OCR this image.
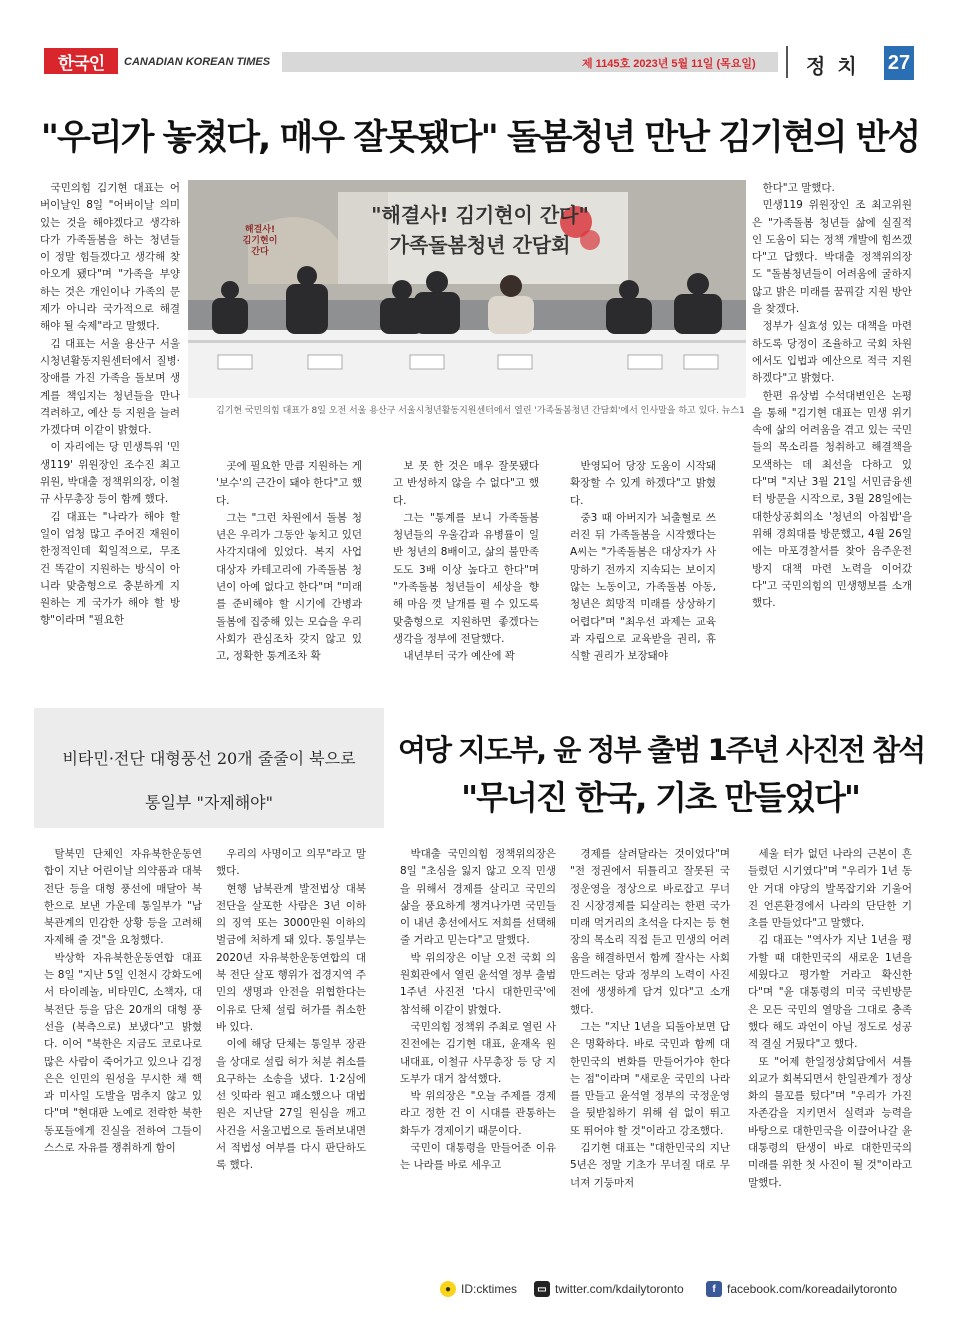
한국인	CANADIAN KOREAN TIMES	제 1145호 2023년 5월 11일 (목요일)	정치 27
"우리가 놓쳤다, 매우 잘못됐다" 돌봄청년 만난 김기현의 반성

국민의힘 김기현 대표는 어버이날인 8일 "어버이날 의미 있는 것을 해야겠다고 생각하다가 가족돌봄을 하는 청년들이 정말 힘들겠다고 생각해 찾아오게 됐다"며 "가족을 부양하는 것은 개인이나 가족의 문제가 아니라 국가적으로 해결해야 될 숙제"라고 말했다.

김 대표는 서울 용산구 서울시청년활동지원센터에서 질병·장애를 가진 가족을 돌보며 생계를 책임지는 청년들을 만나 격려하고, 예산 등 지원을 늘려가겠다며 이같이 밝혔다.

이 자리에는 당 민생특위 '민생119' 위원장인 조수진 최고위원, 박대출 정책위의장, 이철규 사무총장 등이 함께 했다.

김 대표는 "나라가 해야 할 일이 엄청 많고 주어진 재원이 한정적인데 획일적으로, 무조건 똑같이 지원하는 방식이 아니라 맞춤형으로 충분하게 지원하는 게 국가가 해야 할 방향"이라며 "필요한

"해결사! 김기현이 간다"
가족돌봄청년 간담회
해결사! 김기현이 간다
김기현 국민의힘 대표가 8일 오전 서울 용산구 서울시청년활동지원센터에서 열린 '가족돌봄청년 간담회'에서 인사말을 하고 있다. 뉴스1

곳에 필요한 만큼 지원하는 게 '보수'의 근간이 돼야 한다"고 했다.

그는 "그런 차원에서 돌봄 청년은 우리가 그동안 놓치고 있던 사각지대에 있었다. 복지 사업 대상자 카테고리에 가족돌봄 청년이 아예 없다고 한다"며 "미래를 준비해야 할 시기에 간병과 돌봄에 집중해 있는 모습을 우리 사회가 관심조차 갖지 않고 있고, 정확한 통계조차 확

보 못 한 것은 매우 잘못됐다고 반성하지 않을 수 없다"고 했다.

그는 "통계를 보니 가족돌봄 청년들의 우울감과 유병률이 일반 청년의 8배이고, 삶의 불만족도도 3배 이상 높다고 한다"며 "가족돌봄 청년들이 세상을 향해 마음 껏 날개를 펼 수 있도록 맞춤형으로 지원하면 좋겠다는 생각을 정부에 전달했다.

내년부터 국가 예산에 꽉

반영되어 당장 도움이 시작돼 확장할 수 있게 하겠다"고 밝혔다.

중3 때 아버지가 뇌출혈로 쓰러진 뒤 가족돌봄을 시작했다는 A씨는 "가족돌봄은 대상자가 사망하기 전까지 지속되는 보이지 않는 노동이고, 가족돌봄 아동, 청년은 희망적 미래를 상상하기 어렵다"며 "최우선 과제는 교육과 자립으로 교육받을 권리, 휴식할 권리가 보장돼야

한다"고 말했다.

민생119 위원장인 조 최고위원은 "가족돌봄 청년들 삶에 실질적인 도움이 되는 정책 개발에 힘쓰겠다"고 답했다. 박대출 정책위의장도 "돌봄청년들이 어려움에 굴하지 않고 밝은 미래를 꿈꿔갈 지원 방안을 찾겠다.

정부가 실효성 있는 대책을 마련하도록 당정이 조율하고 국회 차원에서도 입법과 예산으로 적극 지원하겠다"고 밝혔다.

한편 유상범 수석대변인은 논평을 통해 "김기현 대표는 민생 위기 속에 삶의 어려움을 겪고 있는 국민들의 목소리를 청취하고 해결책을 모색하는 데 최선을 다하고 있다"며 "지난 3월 21일 서민금융센터 방문을 시작으로, 3월 28일에는 대한상공회의소 '청년의 아침밥'을 위해 경희대를 방문했고, 4월 26일에는 마포경찰서를 찾아 음주운전 방지 대책 마련 노력을 이어갔다"고 국민의힘의 민생행보를 소개했다.

비타민·전단 대형풍선 20개 줄줄이 북으로
통일부 "자제해야"

탈북민 단체인 자유북한운동연합이 지난 어린이날 의약품과 대북전단 등을 대형 풍선에 매달아 북한으로 보낸 가운데 통일부가 "남북관계의 민감한 상황 등을 고려해 자제해 줄 것"을 요청했다.

박상학 자유북한운동연합 대표는 8일 "지난 5일 인천시 강화도에서 타이레놀, 비타민C, 소책자, 대북전단 등을 담은 20개의 대형 풍선을 (북측으로) 보냈다"고 밝혔다. 이어 "북한은 지금도 코로나로 많은 사람이 죽어가고 있으나 김정은은 인민의 원성을 무시한 채 핵과 미사일 도발을 멈추지 않고 있다"며 "현대판 노예로 전락한 북한 동포들에게 진실을 전하여 그들이 스스로 자유를 쟁취하게 함이

우리의 사명이고 의무"라고 말했다.

현행 남북관계 발전법상 대북 전단을 살포한 사람은 3년 이하의 징역 또는 3000만원 이하의 벌금에 처하게 돼 있다. 통일부는 2020년 자유북한운동연합의 대북 전단 살포 행위가 접경지역 주민의 생명과 안전을 위협한다는 이유로 단체 설립 허가를 취소한 바 있다.

이에 해당 단체는 통일부 장관을 상대로 설립 허가 처분 취소를 요구하는 소송을 냈다. 1·2심에선 잇따라 원고 패소했으나 대법원은 지난달 27일 원심을 깨고 사건을 서울고법으로 돌려보내면서 적법성 여부를 다시 판단하도록 했다.

여당 지도부, 윤 정부 출범 1주년 사진전 참석
"무너진 한국, 기초 만들었다"

박대출 국민의힘 정책위의장은 8일 "초심을 잃지 않고 오직 민생을 위해서 경제를 살리고 국민의 삶을 풍요하게 챙겨나가면 국민들이 내년 총선에서도 저희를 선택해줄 거라고 믿는다"고 말했다.

박 위의장은 이날 오전 국회 의원회관에서 열린 윤석열 정부 출범 1주년 사진전 '다시 대한민국'에 참석해 이같이 밝혔다.

국민의힘 정책위 주최로 열린 사진전에는 김기현 대표, 윤재옥 원내대표, 이철규 사무총장 등 당 지도부가 대거 참석했다.

박 위의장은 "오늘 주제를 경제라고 정한 건 이 시대를 관통하는 화두가 경제이기 때문이다.

국민이 대통령을 만들어준 이유는 나라를 바로 세우고

경제를 살려달라는 것이었다"며 "전 정권에서 뒤틀리고 잘못된 국정운영을 정상으로 바로잡고 무너진 시장경제를 되살리는 한편 국가 미래 먹거리의 초석을 다지는 등 현장의 목소리 직접 듣고 민생의 어려움을 해결하면서 함께 잘사는 사회 만드려는 당과 정부의 노력이 사진전에 생생하게 담겨 있다"고 소개했다.

그는 "지난 1년을 되돌아보면 답은 명확하다. 바로 국민과 함께 대한민국의 변화를 만들어가야 한다는 점"이라며 "새로운 국민의 나라를 만들고 윤석열 정부의 국정운영을 뒷받침하기 위해 쉼 없이 뛰고 또 뛰어야 할 것"이라고 강조했다.

김기현 대표는 "대한민국의 지난 5년은 정말 기초가 무너질 대로 무너져 기둥마저

세울 터가 없던 나라의 근본이 흔들렸던 시기였다"며 "우리가 1년 동안 거대 야당의 발목잡기와 기울어진 언론환경에서 나라의 단단한 기초를 만들었다"고 말했다.

김 대표는 "역사가 지난 1년을 평가할 때 대한민국의 새로운 1년을 세웠다고 평가할 거라고 확신한다"며 "윤 대통령의 미국 국빈방문은 모든 국민의 열망을 그대로 충족했다 해도 과언이 아닐 정도로 성공적 결실 거뒀다"고 했다.

또 "어제 한일정상회담에서 셔틀외교가 회복되면서 한일관계가 정상화의 물꼬를 텄다"며 "우리가 가진 자존감을 지키면서 실력과 능력을 바탕으로 대한민국을 이끌어나갈 윤 대통령의 탄생이 바로 대한민국의 미래를 위한 첫 사진이 될 것"이라고 말했다.

● ID:cktimes	▭ twitter.com/kdailytoronto	f facebook.com/koreadailytoronto
